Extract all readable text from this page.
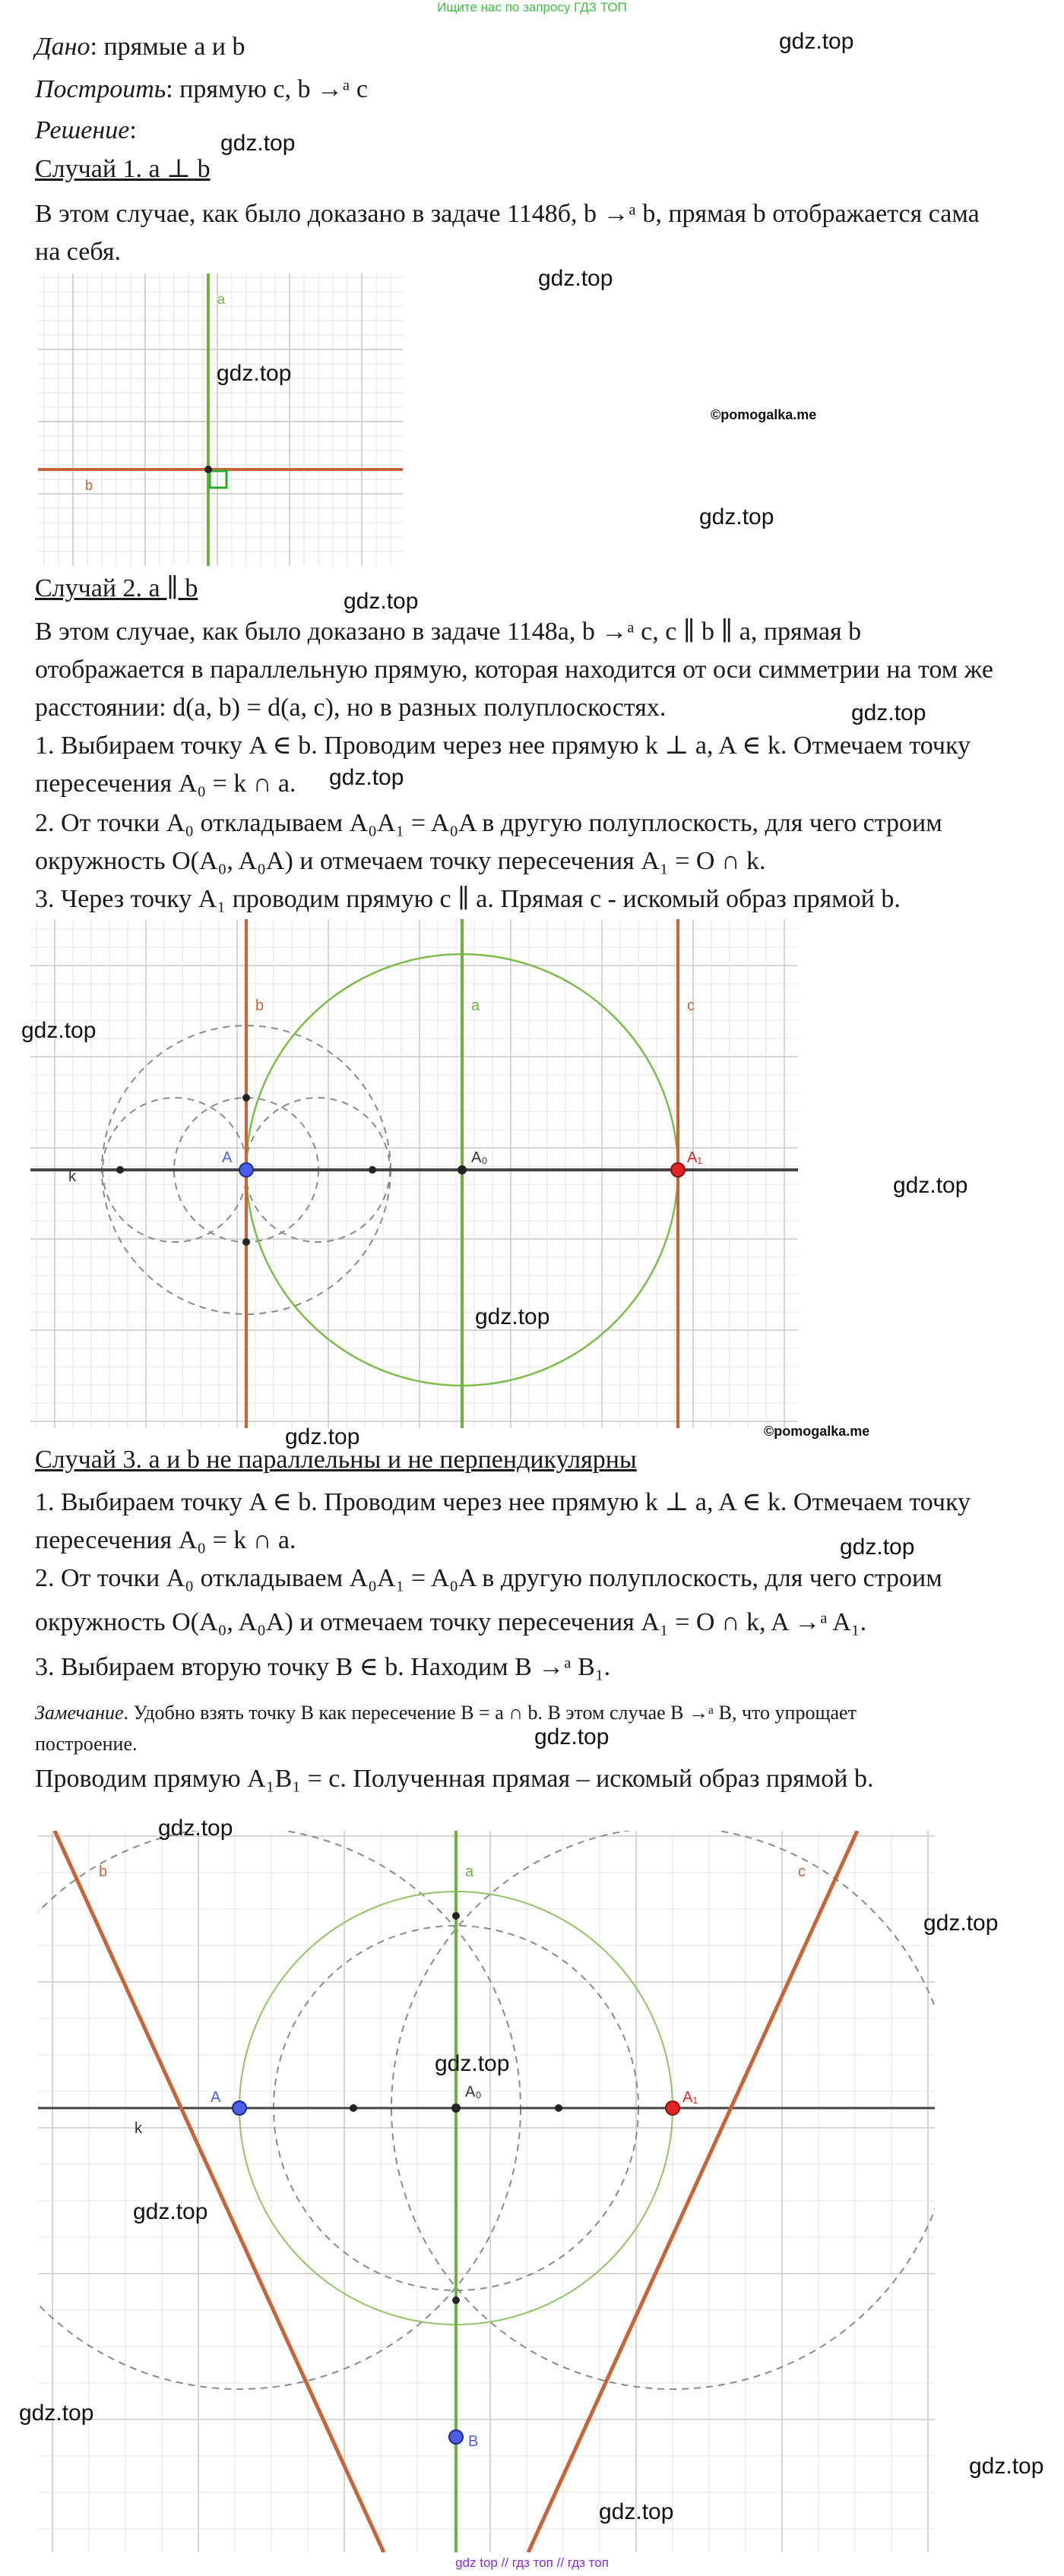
Ищите нас по запросу ГДЗ ТОП
Дано: прямые a и b
Построить: прямую c, b →ᵃ c
Решение:
Случай 1. a ⊥ b
В этом случае, как было доказано в задаче 1148б, b →ᵃ b, прямая b отображается сама
на себя.
a
b
Случай 2. a ∥ b
В этом случае, как было доказано в задаче 1148а, b →ᵃ c, c ∥ b ∥ a, прямая b
отображается в параллельную прямую, которая находится от оси симметрии на том же
расстоянии: d(a, b) = d(a, c), но в разных полуплоскостях.
1. Выбираем точку A ∈ b. Проводим через нее прямую k ⊥ a, A ∈ k. Отмечаем точку
пересечения A₀ = k ∩ a.
2. От точки A₀ откладываем A₀A₁ = A₀A в другую полуплоскость, для чего строим
окружность O(A₀, A₀A) и отмечаем точку пересечения A₁ = O ∩ k.
3. Через точку A₁ проводим прямую c ∥ a. Прямая c - искомый образ прямой b.
b	a	c
k
A	A₀	A₁
Случай 3. a и b не параллельны и не перпендикулярны
1. Выбираем точку A ∈ b. Проводим через нее прямую k ⊥ a, A ∈ k. Отмечаем точку
пересечения A₀ = k ∩ a.
2. От точки A₀ откладываем A₀A₁ = A₀A в другую полуплоскость, для чего строим
окружность O(A₀, A₀A) и отмечаем точку пересечения A₁ = O ∩ k, A →ᵃ A₁.
3. Выбираем вторую точку B ∈ b. Находим B →ᵃ B₁.
Замечание. Удобно взять точку B как пересечение B = a ∩ b. В этом случае B →ᵃ B, что упрощает
построение.
Проводим прямую A₁B₁ = c. Полученная прямая – искомый образ прямой b.
b	a	c
k
A	A₀	A₁
B
gdz.top
gdz.top
gdz.top
gdz.top
gdz.top
gdz.top
gdz.top
gdz.top
gdz.top
gdz.top
gdz.top
gdz.top
gdz.top
gdz.top
gdz.top
gdz.top
gdz.top
gdz.top
gdz.top
gdz.top
gdz.top
©pomogalka.me
©pomogalka.me
gdz top // гдз топ // гдз топ
